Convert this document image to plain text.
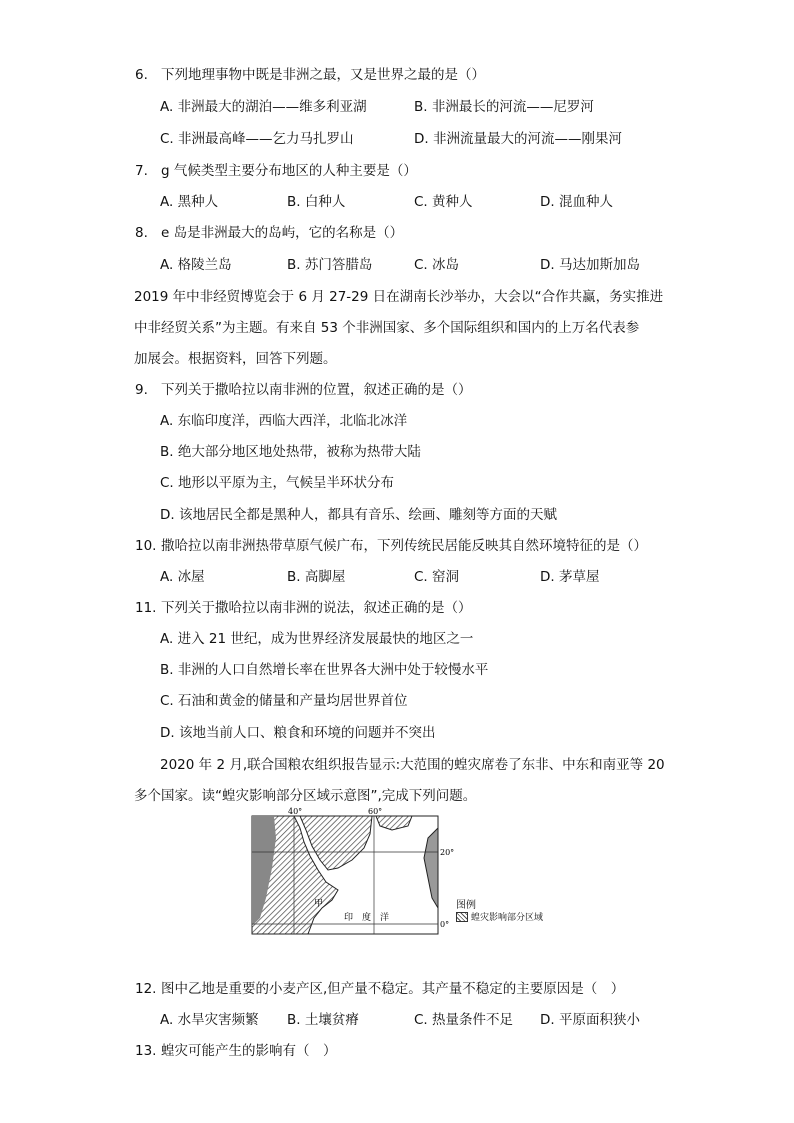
6. 下列地理事物中既是非洲之最，又是世界之最的是（）
A. 非洲最大的湖泊——维多利亚湖	B. 非洲最长的河流——尼罗河
C. 非洲最高峰——乞力马扎罗山	D. 非洲流量最大的河流——刚果河
7. g 气候类型主要分布地区的人种主要是（）
A. 黑种人	B. 白种人	C. 黄种人	D. 混血种人
8. e 岛是非洲最大的岛屿，它的名称是（）
A. 格陵兰岛	B. 苏门答腊岛	C. 冰岛	D. 马达加斯加岛
2019 年中非经贸博览会于 6 月 27-29 日在湖南长沙举办，大会以“合作共赢，务实推进
中非经贸关系”为主题。有来自 53 个非洲国家、多个国际组织和国内的上万名代表参
加展会。根据资料，回答下列题。
9. 下列关于撒哈拉以南非洲的位置，叙述正确的是（）
A. 东临印度洋，西临大西洋，北临北冰洋
B. 绝大部分地区地处热带，被称为热带大陆
C. 地形以平原为主，气候呈半环状分布
D. 该地居民全都是黑种人，都具有音乐、绘画、雕刻等方面的天赋
10. 撒哈拉以南非洲热带草原气候广布，下列传统民居能反映其自然环境特征的是（）
A. 冰屋	B. 高脚屋	C. 窑洞	D. 茅草屋
11. 下列关于撒哈拉以南非洲的说法，叙述正确的是（）
A. 进入 21 世纪，成为世界经济发展最快的地区之一
B. 非洲的人口自然增长率在世界各大洲中处于较慢水平
C. 石油和黄金的储量和产量均居世界首位
D. 该地当前人口、粮食和环境的问题并不突出
2020 年 2 月,联合国粮农组织报告显示:大范围的蝗灾席卷了东非、中东和南亚等 20
多个国家。读“蝗灾影响部分区域示意图”,完成下列问题。
40°	60°
20°
0°
甲
印　度　洋
图例
蝗灾影响部分区域
12. 图中乙地是重要的小麦产区,但产量不稳定。其产量不稳定的主要原因是（　）
A. 水旱灾害频繁 B. 土壤贫瘠	C. 热量条件不足 D. 平原面积狭小
13. 蝗灾可能产生的影响有（　）
